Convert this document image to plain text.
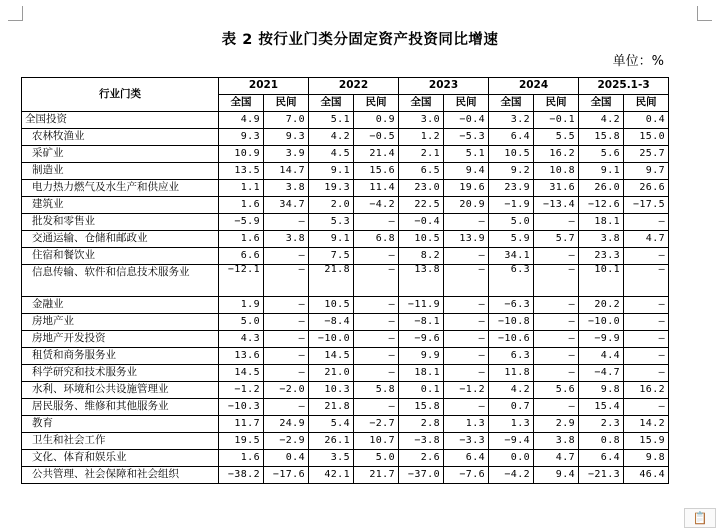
表 2 按行业门类分固定资产投资同比增速
单位：%
行业门类	2021		2022		2023		2024		2025.1-3	
	全国	民间	全国	民间	全国	民间	全国	民间	全国	民间
全国投资	4.9	7.0	5.1	0.9	3.0	−0.4	3.2	−0.1	4.2	0.4
农林牧渔业	9.3	9.3	4.2	−0.5	1.2	−5.3	6.4	5.5	15.8	15.0
采矿业	10.9	3.9	4.5	21.4	2.1	5.1	10.5	16.2	5.6	25.7
制造业	13.5	14.7	9.1	15.6	6.5	9.4	9.2	10.8	9.1	9.7
电力热力燃气及水生产和供应业	1.1	3.8	19.3	11.4	23.0	19.6	23.9	31.6	26.0	26.6
建筑业	1.6	34.7	2.0	−4.2	22.5	20.9	−1.9	−13.4	−12.6	−17.5
批发和零售业	−5.9	–	5.3	–	−0.4	–	5.0	–	18.1	–
交通运输、仓储和邮政业	1.6	3.8	9.1	6.8	10.5	13.9	5.9	5.7	3.8	4.7
住宿和餐饮业	6.6	–	7.5	–	8.2	–	34.1	–	23.3	–
信息传输、软件和信息技术服务业	−12.1	–	21.8	–	13.8	–	6.3	–	10.1	–
金融业	1.9	–	10.5	–	−11.9	–	−6.3	–	20.2	–
房地产业	5.0	–	−8.4	–	−8.1	–	−10.8	–	−10.0	–
房地产开发投资	4.3	–	−10.0	–	−9.6	–	−10.6	–	−9.9	–
租赁和商务服务业	13.6	–	14.5	–	9.9	–	6.3	–	4.4	–
科学研究和技术服务业	14.5	–	21.0	–	18.1	–	11.8	–	−4.7	–
水利、环境和公共设施管理业	−1.2	−2.0	10.3	5.8	0.1	−1.2	4.2	5.6	9.8	16.2
居民服务、维修和其他服务业	−10.3	–	21.8	–	15.8	–	0.7	–	15.4	–
教育	11.7	24.9	5.4	−2.7	2.8	1.3	1.3	2.9	2.3	14.2
卫生和社会工作	19.5	−2.9	26.1	10.7	−3.8	−3.3	−9.4	3.8	0.8	15.9
文化、体育和娱乐业	1.6	0.4	3.5	5.0	2.6	6.4	0.0	4.7	6.4	9.8
公共管理、社会保障和社会组织	−38.2	−17.6	42.1	21.7	−37.0	−7.6	−4.2	9.4	−21.3	46.4
📋
